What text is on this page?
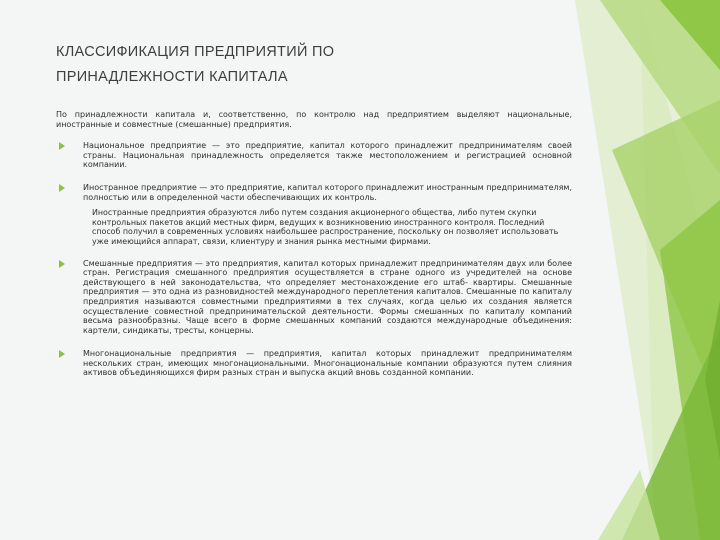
КЛАССИФИКАЦИЯ ПРЕДПРИЯТИЙ ПО ПРИНАДЛЕЖНОСТИ КАПИТАЛА

По принадлежности капитала и, соответственно, по контролю над предприятием выделяют национальные, иностранные и совместные (смешанные) предприятия.

Национальное предприятие — это предприятие, капитал которого принадлежит предпринимателям своей страны. Национальная принадлежность определяется также местоположением и регистрацией основной компании.
Иностранное предприятие — это предприятие, капитал которого принадлежит иностранным предпринимателям, полностью или в определенной части обеспечивающих их контроль.

Иностранные предприятия образуются либо путем создания акционерного общества, либо путем скупки контрольных пакетов акций местных фирм, ведущих к возникновению иностранного контроля. Последний способ получил в современных условиях наибольшее распространение, поскольку он позволяет использовать уже имеющийся аппарат, связи, клиентуру и знания рынка местными фирмами.

Смешанные предприятия — это предприятия, капитал которых принадлежит предпринимателям двух или более стран. Регистрация смешанного предприятия осуществляется в стране одного из учредителей на основе действующего в ней законодательства, что определяет местонахождение его штаб- квартиры. Смешанные предприятия — это одна из разновидностей международного переплетения капиталов. Смешанные по капиталу предприятия называются совместными предприятиями в тех случаях, когда целью их создания является осуществление совместной предпринимательской деятельности. Формы смешанных по капиталу компаний весьма разнообразны. Чаще всего в форме смешанных компаний создаются международные объединения: картели, синдикаты, тресты, концерны.
Многонациональные предприятия — предприятия, капитал которых принадлежит предпринимателям нескольких стран, имеющих многонациональными. Многонациональные компании образуются путем слияния активов объединяющихся фирм разных стран и выпуска акций вновь созданной компании.
